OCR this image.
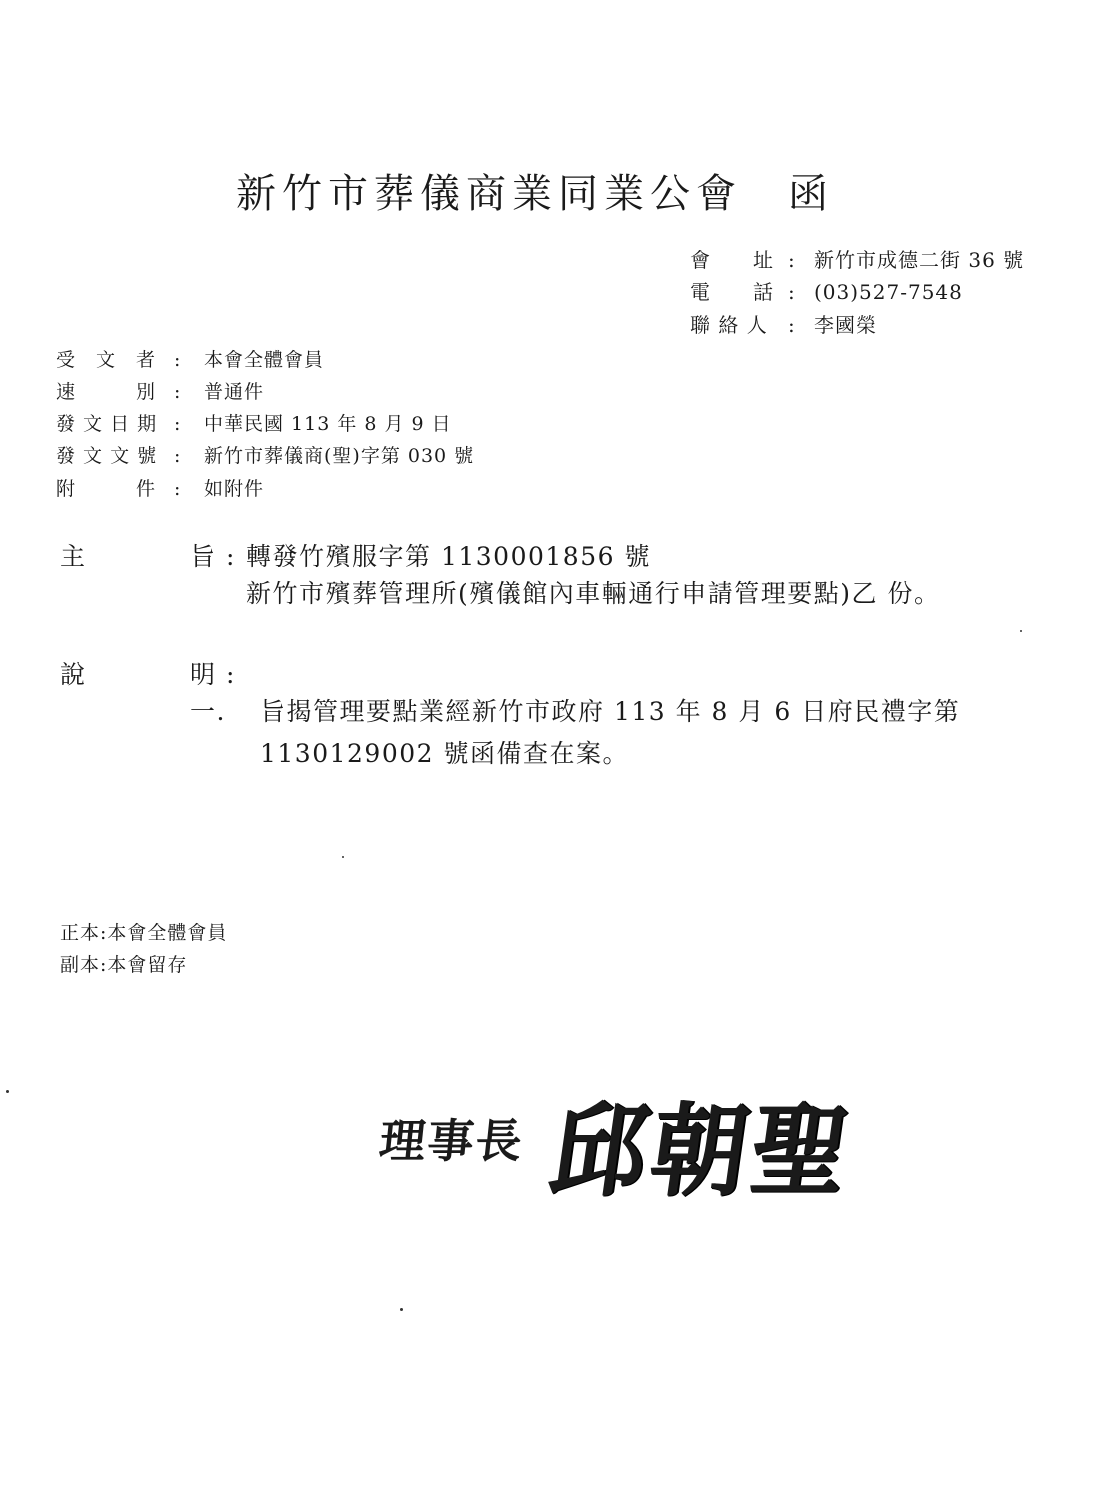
新竹市葬儀商業同業公會　函
會　　址 : 新竹市成德二街 36 號
電　　話 : (03)527-7548
聯 絡 人 : 李國榮
受　文　者 : 本會全體會員
速　　　別 : 普通件
發 文 日 期 : 中華民國 113 年 8 月 9 日
發 文 文 號 : 新竹市葬儀商(聖)字第 030 號
附　　　件 : 如附件
主	旨 : 轉發竹殯服字第 1130001856 號
新竹市殯葬管理所(殯儀館內車輛通行申請管理要點)乙 份。
說	明 :
一. 旨揭管理要點業經新竹市政府 113 年 8 月 6 日府民禮字第
1130129002 號函備查在案。
正本:本會全體會員
副本:本會留存
理事長 邱朝聖
